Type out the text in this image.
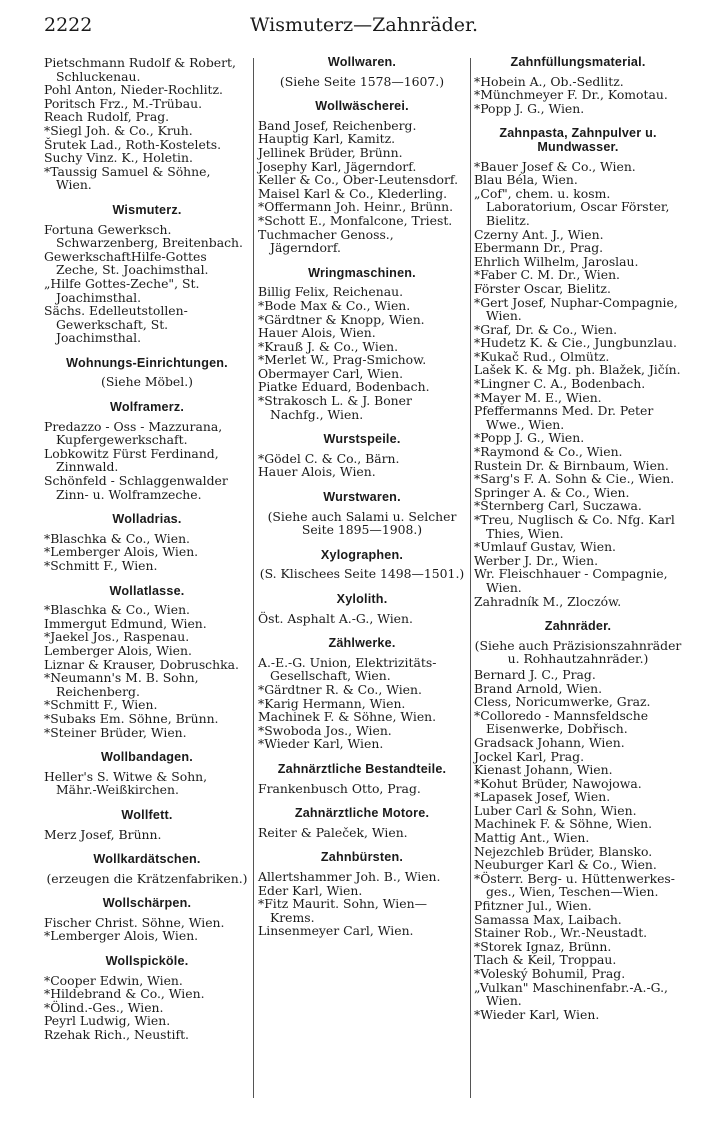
2222	Wismuterz—Zahnräder.
Pietschmann Rudolf & Robert, Schluckenau.
Pohl Anton, Nieder-Rochlitz.
Poritsch Frz., M.-Trübau.
Reach Rudolf, Prag.
*Siegl Joh. & Co., Kruh.
Šrutek Lad., Roth-Kostelets.
Suchy Vinz. K., Holetin.
*Taussig Samuel & Söhne, Wien.
Wismuterz.
Fortuna Gewerksch. Schwarzenberg, Breitenbach.
GewerkschaftHilfe-Gottes Zeche, St. Joachimsthal.
„Hilfe Gottes-Zeche", St. Joachimsthal.
Sächs. Edelleutstollen-Gewerkschaft, St. Joachimsthal.
Wohnungs-Einrichtungen.
(Siehe Möbel.)
Wolframerz.
Predazzo - Oss - Mazzurana, Kupfergewerkschaft.
Lobkowitz Fürst Ferdinand, Zinnwald.
Schönfeld - Schlaggenwalder Zinn- u. Wolframzeche.
Wolladrias.
*Blaschka & Co., Wien.
*Lemberger Alois, Wien.
*Schmitt F., Wien.
Wollatlasse.
*Blaschka & Co., Wien.
Immergut Edmund, Wien.
*Jaekel Jos., Raspenau.
Lemberger Alois, Wien.
Liznar & Krauser, Dobruschka.
*Neumann's M. B. Sohn, Reichenberg.
*Schmitt F., Wien.
*Subaks Em. Söhne, Brünn.
*Steiner Brüder, Wien.
Wollbandagen.
Heller's S. Witwe & Sohn, Mähr.-Weißkirchen.
Wollfett.
Merz Josef, Brünn.
Wollkardätschen.
(erzeugen die Krätzenfabriken.)
Wollschärpen.
Fischer Christ. Söhne, Wien.
*Lemberger Alois, Wien.
Wollspicköle.
*Cooper Edwin, Wien.
*Hildebrand & Co., Wien.
*Ölind.-Ges., Wien.
Peyrl Ludwig, Wien.
Rzehak Rich., Neustift.
Wollwaren.
(Siehe Seite 1578—1607.)
Wollwäscherei.
Band Josef, Reichenberg.
Hauptig Karl, Kamitz.
Jellinek Brüder, Brünn.
Josephy Karl, Jägerndorf.
Keller & Co., Ober-Leutensdorf.
Maisel Karl & Co., Klederling.
*Offermann Joh. Heinr., Brünn.
*Schott E., Monfalcone, Triest.
Tuchmacher Genoss., Jägerndorf.
Wringmaschinen.
Billig Felix, Reichenau.
*Bode Max & Co., Wien.
*Gärdtner & Knopp, Wien.
Hauer Alois, Wien.
*Krauß J. & Co., Wien.
*Merlet W., Prag-Smichow.
Obermayer Carl, Wien.
Piatke Eduard, Bodenbach.
*Strakosch L. & J. Boner Nachfg., Wien.
Wurstspeile.
*Gödel C. & Co., Bärn.
Hauer Alois, Wien.
Wurstwaren.
(Siehe auch Salami u. Selcher Seite 1895—1908.)
Xylographen.
(S. Klischees Seite 1498—1501.)
Xylolith.
Öst. Asphalt A.-G., Wien.
Zählwerke.
A.-E.-G. Union, Elektrizitäts-Gesellschaft, Wien.
*Gärdtner R. & Co., Wien.
*Karig Hermann, Wien.
Machinek F. & Söhne, Wien.
*Swoboda Jos., Wien.
*Wieder Karl, Wien.
Zahnärztliche Bestandteile.
Frankenbusch Otto, Prag.
Zahnärztliche Motore.
Reiter & Paleček, Wien.
Zahnbürsten.
Allertshammer Joh. B., Wien.
Eder Karl, Wien.
*Fitz Maurit. Sohn, Wien—Krems.
Linsenmeyer Carl, Wien.
Zahnfüllungsmaterial.
*Hobein A., Ob.-Sedlitz.
*Münchmeyer F. Dr., Komotau.
*Popp J. G., Wien.
Zahnpasta, Zahnpulver u. Mundwasser.
*Bauer Josef & Co., Wien.
Blau Béla, Wien.
„Cof", chem. u. kosm. Laboratorium, Oscar Förster, Bielitz.
Czerny Ant. J., Wien.
Ebermann Dr., Prag.
Ehrlich Wilhelm, Jaroslau.
*Faber C. M. Dr., Wien.
Förster Oscar, Bielitz.
*Gert Josef, Nuphar-Compagnie, Wien.
*Graf, Dr. & Co., Wien.
*Hudetz K. & Cie., Jungbunzlau.
*Kukač Rud., Olmütz.
Lašek K. & Mg. ph. Blažek, Jičín.
*Lingner C. A., Bodenbach.
*Mayer M. E., Wien.
Pfeffermanns Med. Dr. Peter Wwe., Wien.
*Popp J. G., Wien.
*Raymond & Co., Wien.
Rustein Dr. & Birnbaum, Wien.
*Sarg's F. A. Sohn & Cie., Wien.
Springer A. & Co., Wien.
*Sternberg Carl, Suczawa.
*Treu, Nuglisch & Co. Nfg. Karl Thies, Wien.
*Umlauf Gustav, Wien.
Werber J. Dr., Wien.
Wr. Fleischhauer - Compagnie, Wien.
Zahradník M., Zloczów.
Zahnräder.
(Siehe auch Präzisionszahnräder u. Rohhautzahnräder.)
Bernard J. C., Prag.
Brand Arnold, Wien.
Cless, Noricumwerke, Graz.
*Colloredo - Mannsfeldsche Eisenwerke, Dobřisch.
Gradsack Johann, Wien.
Jockel Karl, Prag.
Kienast Johann, Wien.
*Kohut Brüder, Nawojowa.
*Lapasek Josef, Wien.
Luber Carl & Sohn, Wien.
Machinek F. & Söhne, Wien.
Mattig Ant., Wien.
Nejezchleb Brüder, Blansko.
Neuburger Karl & Co., Wien.
*Österr. Berg- u. Hüttenwerkes-ges., Wien, Teschen—Wien.
Pfitzner Jul., Wien.
Samassa Max, Laibach.
Stainer Rob., Wr.-Neustadt.
*Storek Ignaz, Brünn.
Tlach & Keil, Troppau.
*Voleský Bohumil, Prag.
„Vulkan" Maschinenfabr.-A.-G., Wien.
*Wieder Karl, Wien.
